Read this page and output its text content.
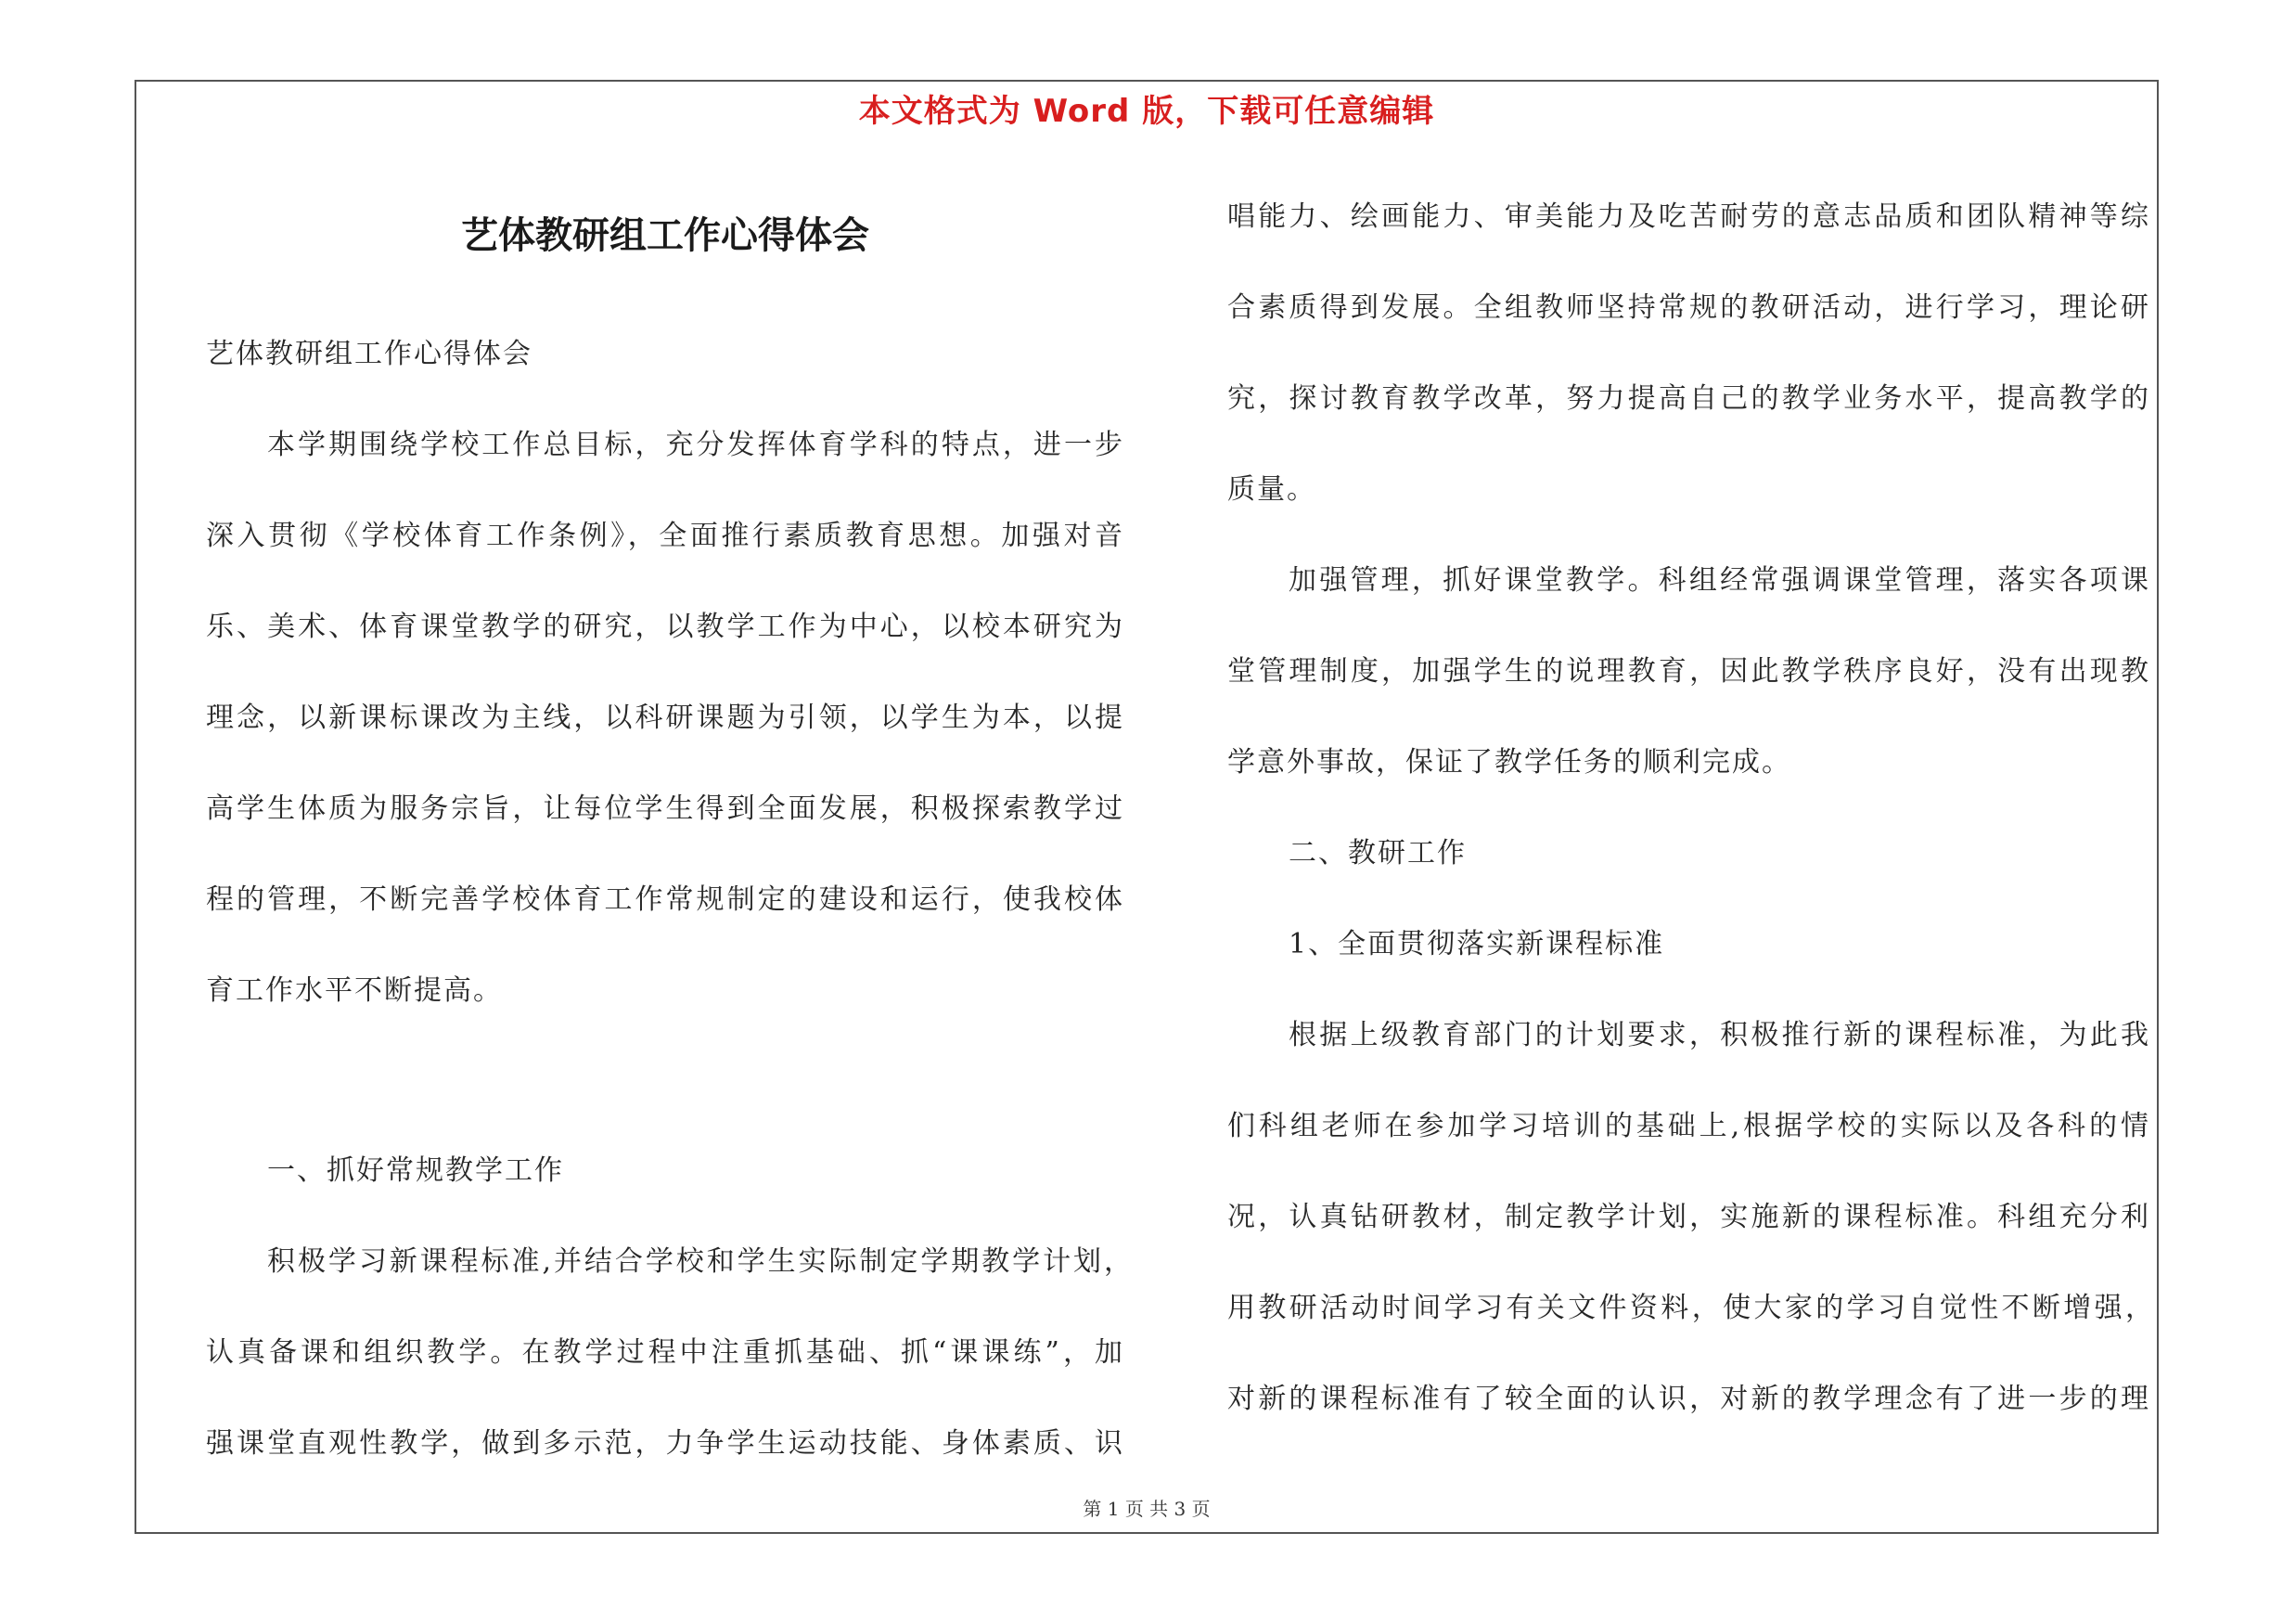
本文格式为 Word 版，下载可任意编辑
艺体教研组工作心得体会
艺体教研组工作心得体会
本学期围绕学校工作总目标，充分发挥体育学科的特点，进一步
深入贯彻《学校体育工作条例》，全面推行素质教育思想。加强对音
乐、美术、体育课堂教学的研究，以教学工作为中心，以校本研究为
理念，以新课标课改为主线，以科研课题为引领，以学生为本，以提
高学生体质为服务宗旨，让每位学生得到全面发展，积极探索教学过
程的管理，不断完善学校体育工作常规制定的建设和运行，使我校体
育工作水平不断提高。
一、抓好常规教学工作
积极学习新课程标准,并结合学校和学生实际制定学期教学计划，
认真备课和组织教学。在教学过程中注重抓基础、抓“课课练”，加
强课堂直观性教学，做到多示范，力争学生运动技能、身体素质、识
唱能力、绘画能力、审美能力及吃苦耐劳的意志品质和团队精神等综
合素质得到发展。全组教师坚持常规的教研活动，进行学习，理论研
究，探讨教育教学改革，努力提高自己的教学业务水平，提高教学的
质量。
加强管理，抓好课堂教学。科组经常强调课堂管理，落实各项课
堂管理制度，加强学生的说理教育，因此教学秩序良好，没有出现教
学意外事故，保证了教学任务的顺利完成。
二、教研工作
1、全面贯彻落实新课程标准
根据上级教育部门的计划要求，积极推行新的课程标准，为此我
们科组老师在参加学习培训的基础上,根据学校的实际以及各科的情
况，认真钻研教材，制定教学计划，实施新的课程标准。科组充分利
用教研活动时间学习有关文件资料，使大家的学习自觉性不断增强，
对新的课程标准有了较全面的认识，对新的教学理念有了进一步的理
第 1 页 共 3 页
